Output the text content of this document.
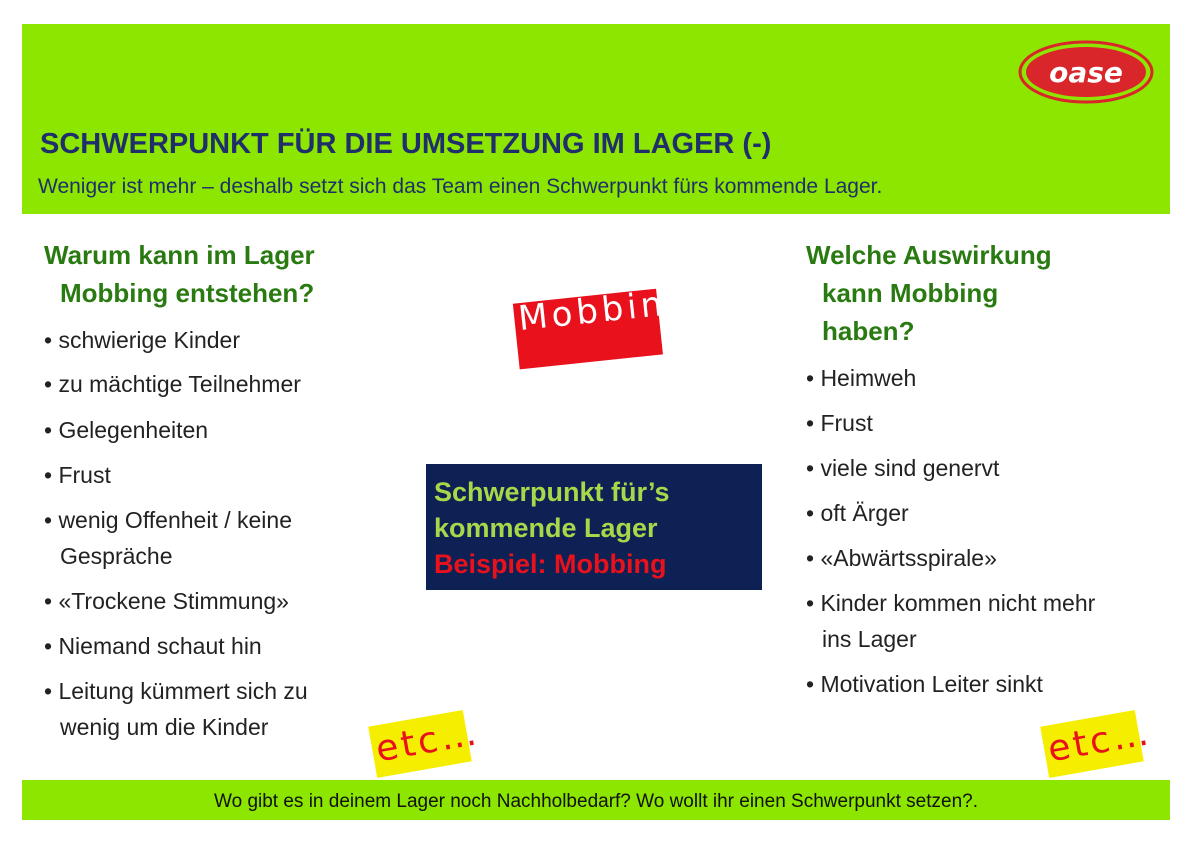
oase
SCHWERPUNKT FÜR DIE UMSETZUNG IM LAGER (-)
Weniger ist mehr – deshalb setzt sich das Team einen Schwerpunkt fürs kommende Lager.
Warum kann im Lager
Mobbing entstehen?
• schwierige Kinder
• zu mächtige Teilnehmer
• Gelegenheiten
• Frust
• wenig Offenheit / keine
Gespräche
• «Trockene Stimmung»
• Niemand schaut hin
• Leitung kümmert sich zu
wenig um die Kinder
Mobbing
Schwerpunkt für’s
kommende Lager
Beispiel: Mobbing
etc…	etc…
Welche Auswirkung
kann Mobbing
haben?
• Heimweh
• Frust
• viele sind genervt
• oft Ärger
• «Abwärtsspirale»
• Kinder kommen nicht mehr
ins Lager
• Motivation Leiter sinkt
Wo gibt es in deinem Lager noch Nachholbedarf? Wo wollt ihr einen Schwerpunkt setzen?.
